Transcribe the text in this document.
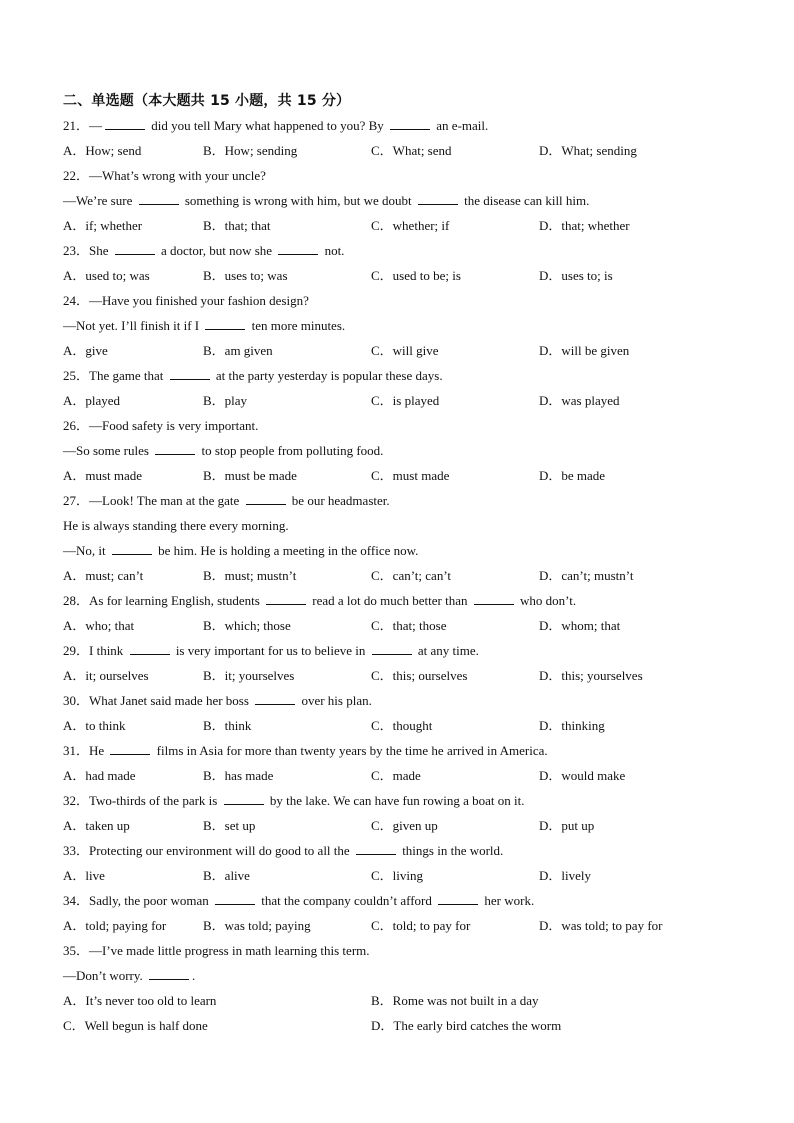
二、单选题（本大题共 15 小题，共 15 分）
21．—	did you tell Mary what happened to you? By	an e-mail.
A．How; send	B．How; sending	C．What; send	D．What; sending
22．—What’s wrong with your uncle?
—We’re sure	something is wrong with him, but we doubt	the disease can kill him.
A．if; whether	B．that; that	C．whether; if	D．that; whether
23．She	a doctor, but now she	not.
A．used to; was	B．uses to; was	C．used to be; is	D．uses to; is
24．—Have you finished your fashion design?
—Not yet. I’ll finish it if I	ten more minutes.
A．give	B．am given	C．will give	D．will be given
25．The game that	at the party yesterday is popular these days.
A．played	B．play	C．is played	D．was played
26．—Food safety is very important.
—So some rules	to stop people from polluting food.
A．must made	B．must be made	C．must made	D．be made
27．—Look! The man at the gate	be our headmaster.
He is always standing there every morning.
—No, it	be him. He is holding a meeting in the office now.
A．must; can’t	B．must; mustn’t	C．can’t; can’t	D．can’t; mustn’t
28．As for learning English, students	read a lot do much better than	who don’t.
A．who; that	B．which; those	C．that; those	D．whom; that
29．I think	is very important for us to believe in	at any time.
A．it; ourselves	B．it; yourselves	C．this; ourselves	D．this; yourselves
30．What Janet said made her boss	over his plan.
A．to think	B．think	C．thought	D．thinking
31．He	films in Asia for more than twenty years by the time he arrived in America.
A．had made	B．has made	C．made	D．would make
32．Two-thirds of the park is	by the lake. We can have fun rowing a boat on it.
A．taken up	B．set up	C．given up	D．put up
33．Protecting our environment will do good to all the	things in the world.
A．live	B．alive	C．living	D．lively
34．Sadly, the poor woman	that the company couldn’t afford	her work.
A．told; paying for	B．was told; paying	C．told; to pay for	D．was told; to pay for
35．—I’ve made little progress in math learning this term.
—Don’t worry.	.
A．It’s never too old to learn	B．Rome was not built in a day
C．Well begun is half done	D．The early bird catches the worm
